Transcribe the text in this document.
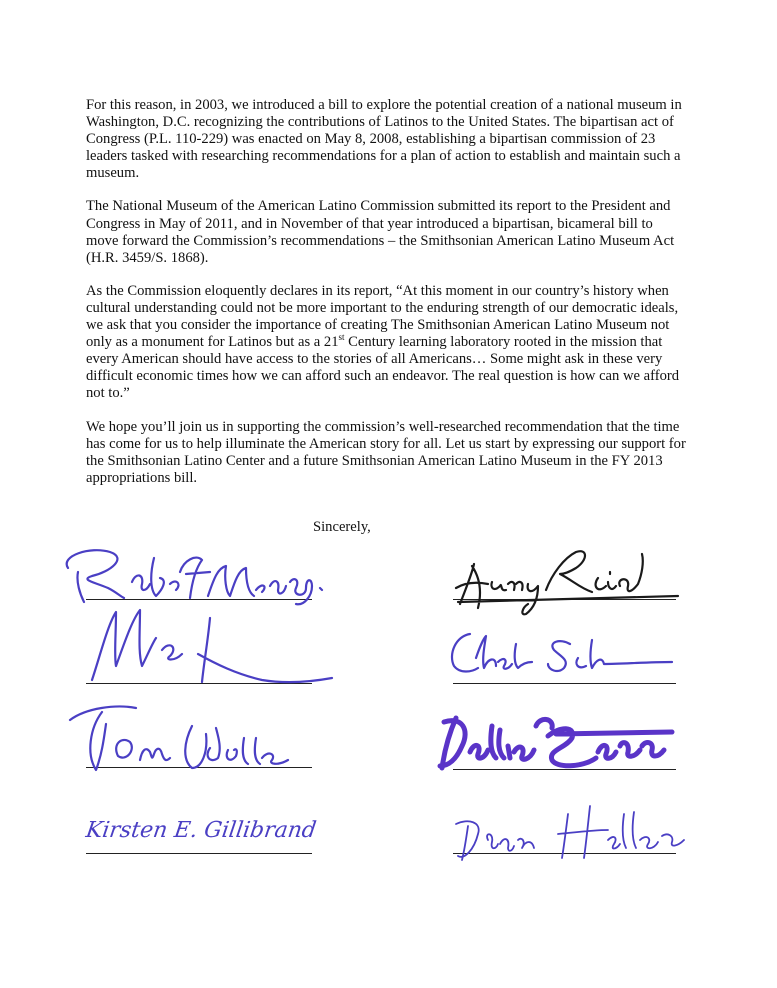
For this reason, in 2003, we introduced a bill to explore the potential creation of a national museum in Washington, D.C. recognizing the contributions of Latinos to the United States. The bipartisan act of Congress (P.L. 110-229) was enacted on May 8, 2008, establishing a bipartisan commission of 23 leaders tasked with researching recommendations for a plan of action to establish and maintain such a museum.

The National Museum of the American Latino Commission submitted its report to the President and Congress in May of 2011, and in November of that year introduced a bipartisan, bicameral bill to move forward the Commission’s recommendations – the Smithsonian American Latino Museum Act (H.R. 3459/S. 1868).

As the Commission eloquently declares in its report, “At this moment in our country’s history when cultural understanding could not be more important to the enduring strength of our democratic ideals, we ask that you consider the importance of creating The Smithsonian American Latino Museum not only as a monument for Latinos but as a 21st Century learning laboratory rooted in the mission that every American should have access to the stories of all Americans… Some might ask in these very difficult economic times how we can afford such an endeavor. The real question is how can we afford not to.”

We hope you’ll join us in supporting the commission’s well-researched recommendation that the time has come for us to help illuminate the American story for all. Let us start by expressing our support for the Smithsonian Latino Center and a future Smithsonian American Latino Museum in the FY 2013 appropriations bill.

Sincerely,
Kirsten E. Gillibrand
